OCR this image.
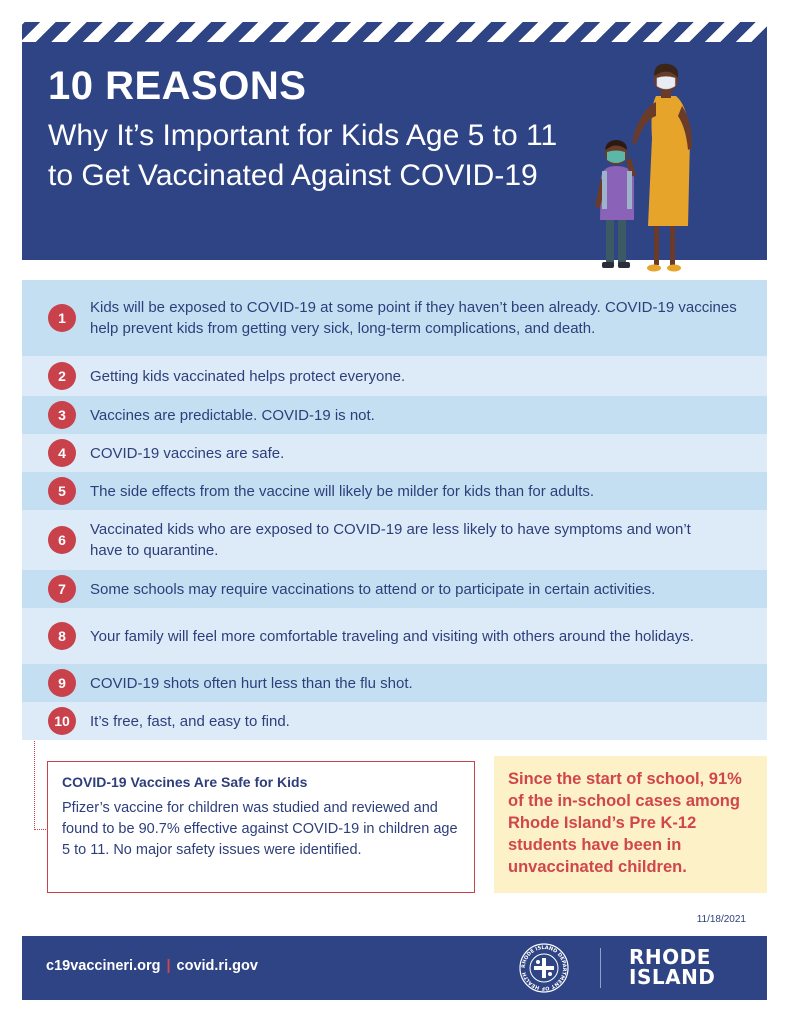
10 REASONS
Why It’s Important for Kids Age 5 to 11 to Get Vaccinated Against COVID-19
1
Kids will be exposed to COVID-19 at some point if they haven’t been already. COVID-19 vaccines help prevent kids from getting very sick, long-term complications, and death.
2	Getting kids vaccinated helps protect everyone.
3	Vaccines are predictable. COVID-19 is not.
4	COVID-19 vaccines are safe.
5	The side effects from the vaccine will likely be milder for kids than for adults.
6
Vaccinated kids who are exposed to COVID-19 are less likely to have symptoms and won’t have to quarantine.
7	Some schools may require vaccinations to attend or to participate in certain activities.
8	Your family will feel more comfortable traveling and visiting with others around the holidays.
9	COVID-19 shots often hurt less than the flu shot.
10	It’s free, fast, and easy to find.
COVID-19 Vaccines Are Safe for Kids
Pfizer’s vaccine for children was studied and reviewed and found to be 90.7% effective against COVID-19 in children age 5 to 11. No major safety issues were identified.
Since the start of school, 91% of the in-school cases among Rhode Island’s Pre K-12 students have been in unvaccinated children.
11/18/2021
c19vaccineri.org | covid.ri.gov	RHODE ISLAND DEPARTMENT OF HEALTH
RHODE
ISLAND
